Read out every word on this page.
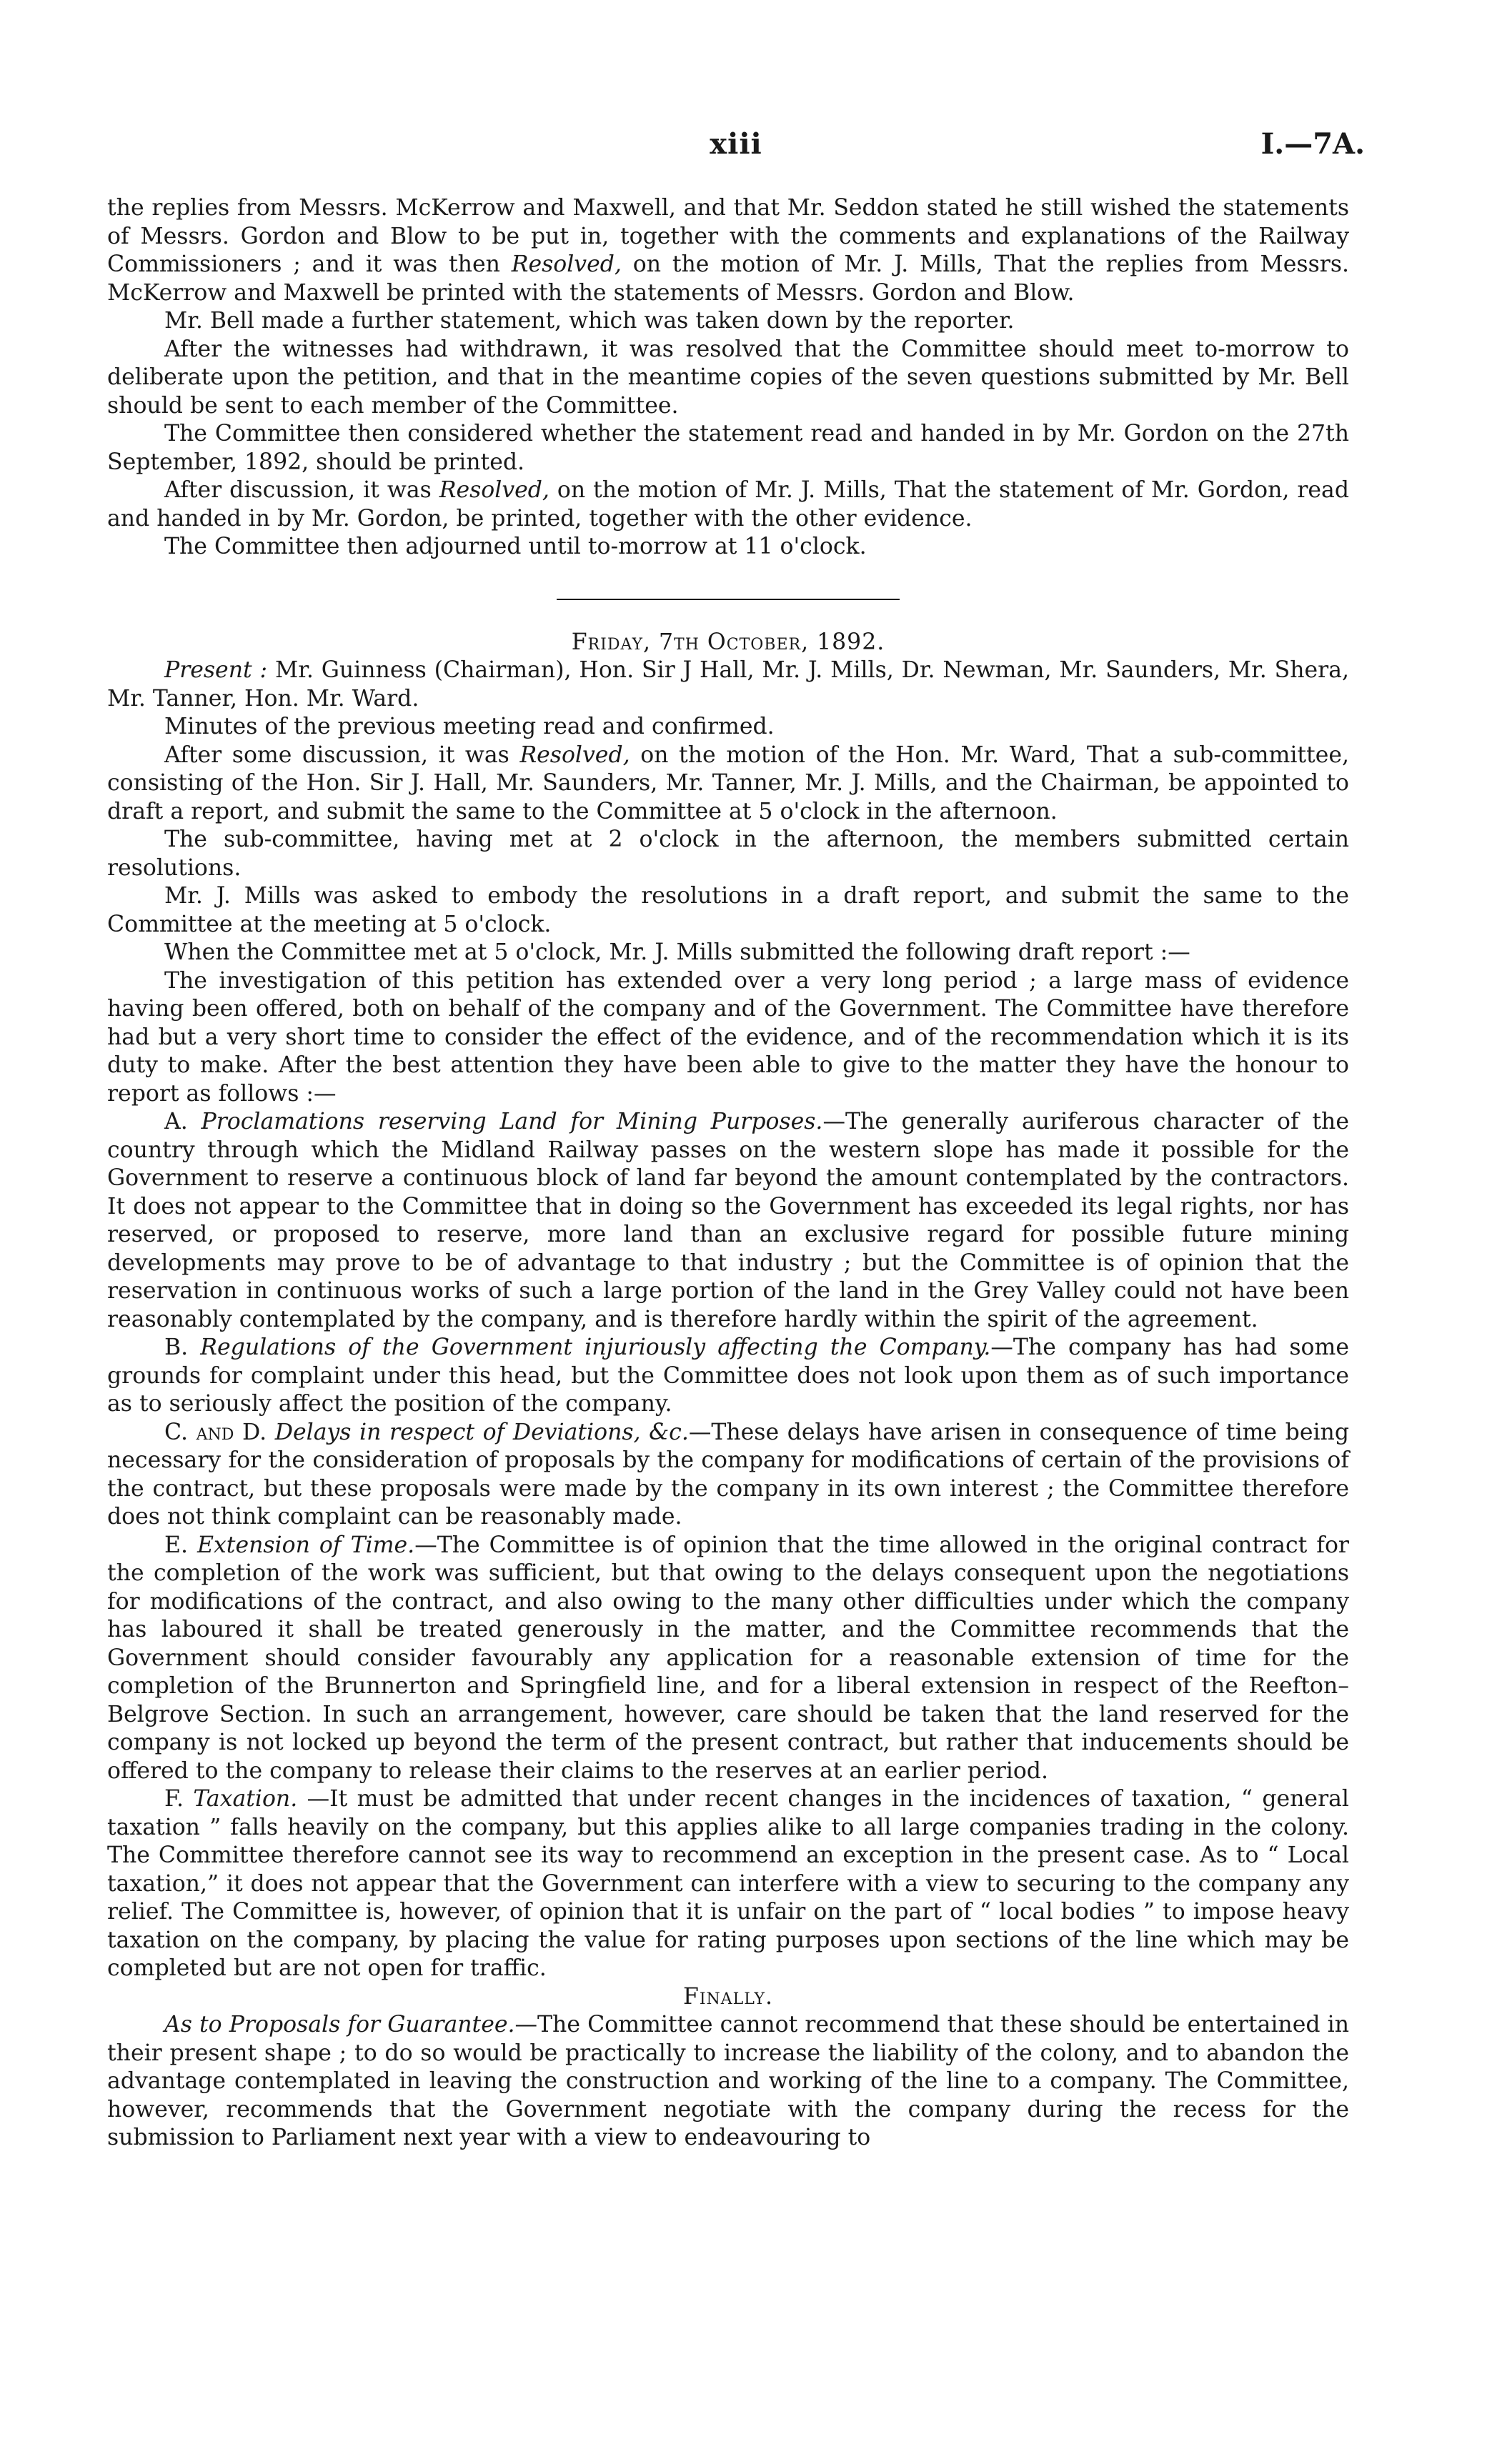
xiii	I.—7A.

the replies from Messrs. McKerrow and Maxwell, and that Mr. Seddon stated he still wished the statements of Messrs. Gordon and Blow to be put in, together with the comments and explanations of the Railway Commissioners ; and it was then Resolved, on the motion of Mr. J. Mills, That the replies from Messrs. McKerrow and Maxwell be printed with the statements of Messrs. Gordon and Blow.

Mr. Bell made a further statement, which was taken down by the reporter.

After the witnesses had withdrawn, it was resolved that the Committee should meet to-morrow to deliberate upon the petition, and that in the meantime copies of the seven questions submitted by Mr. Bell should be sent to each member of the Committee.

The Committee then considered whether the statement read and handed in by Mr. Gordon on the 27th September, 1892, should be printed.

After discussion, it was Resolved, on the motion of Mr. J. Mills, That the statement of Mr. Gordon, read and handed in by Mr. Gordon, be printed, together with the other evidence.

The Committee then adjourned until to-morrow at 11 o'clock.

Friday, 7th October, 1892.

Present : Mr. Guinness (Chairman), Hon. Sir J Hall, Mr. J. Mills, Dr. Newman, Mr. Saunders, Mr. Shera, Mr. Tanner, Hon. Mr. Ward.

Minutes of the previous meeting read and confirmed.

After some discussion, it was Resolved, on the motion of the Hon. Mr. Ward, That a sub-committee, consisting of the Hon. Sir J. Hall, Mr. Saunders, Mr. Tanner, Mr. J. Mills, and the Chairman, be appointed to draft a report, and submit the same to the Committee at 5 o'clock in the afternoon.

The sub-committee, having met at 2 o'clock in the afternoon, the members submitted certain resolutions.

Mr. J. Mills was asked to embody the resolutions in a draft report, and submit the same to the Committee at the meeting at 5 o'clock.

When the Committee met at 5 o'clock, Mr. J. Mills submitted the following draft report :—

The investigation of this petition has extended over a very long period ; a large mass of evidence having been offered, both on behalf of the company and of the Government. The Committee have therefore had but a very short time to consider the effect of the evidence, and of the recommendation which it is its duty to make. After the best attention they have been able to give to the matter they have the honour to report as follows :—

A. Proclamations reserving Land for Mining Purposes.—The generally auriferous character of the country through which the Midland Railway passes on the western slope has made it possible for the Government to reserve a continuous block of land far beyond the amount contemplated by the contractors. It does not appear to the Committee that in doing so the Government has exceeded its legal rights, nor has reserved, or proposed to reserve, more land than an exclusive regard for possible future mining developments may prove to be of advantage to that industry ; but the Committee is of opinion that the reservation in continuous works of such a large portion of the land in the Grey Valley could not have been reasonably contemplated by the company, and is therefore hardly within the spirit of the agreement.

B. Regulations of the Government injuriously affecting the Company.—The company has had some grounds for complaint under this head, but the Committee does not look upon them as of such importance as to seriously affect the position of the company.

C. and D. Delays in respect of Deviations, &c.—These delays have arisen in consequence of time being necessary for the consideration of proposals by the company for modifications of certain of the provisions of the contract, but these proposals were made by the company in its own interest ; the Committee therefore does not think complaint can be reasonably made.

E. Extension of Time.—The Committee is of opinion that the time allowed in the original contract for the completion of the work was sufficient, but that owing to the delays consequent upon the negotiations for modifications of the contract, and also owing to the many other difficulties under which the company has laboured it shall be treated generously in the matter, and the Committee recommends that the Government should consider favourably any application for a reasonable extension of time for the completion of the Brunnerton and Springfield line, and for a liberal extension in respect of the Reefton–Belgrove Section. In such an arrangement, however, care should be taken that the land reserved for the company is not locked up beyond the term of the present contract, but rather that inducements should be offered to the company to release their claims to the reserves at an earlier period.

F. Taxation. —It must be admitted that under recent changes in the incidences of taxation, “ general taxation ” falls heavily on the company, but this applies alike to all large companies trading in the colony. The Committee therefore cannot see its way to recommend an exception in the present case. As to “ Local taxation,” it does not appear that the Government can interfere with a view to securing to the company any relief. The Committee is, however, of opinion that it is unfair on the part of “ local bodies ” to impose heavy taxation on the company, by placing the value for rating purposes upon sections of the line which may be completed but are not open for traffic.

Finally.

As to Proposals for Guarantee.—The Committee cannot recommend that these should be entertained in their present shape ; to do so would be practically to increase the liability of the colony, and to abandon the advantage contemplated in leaving the construction and working of the line to a company. The Committee, however, recommends that the Government negotiate with the company during the recess for the submission to Parliament next year with a view to endeavouring to
